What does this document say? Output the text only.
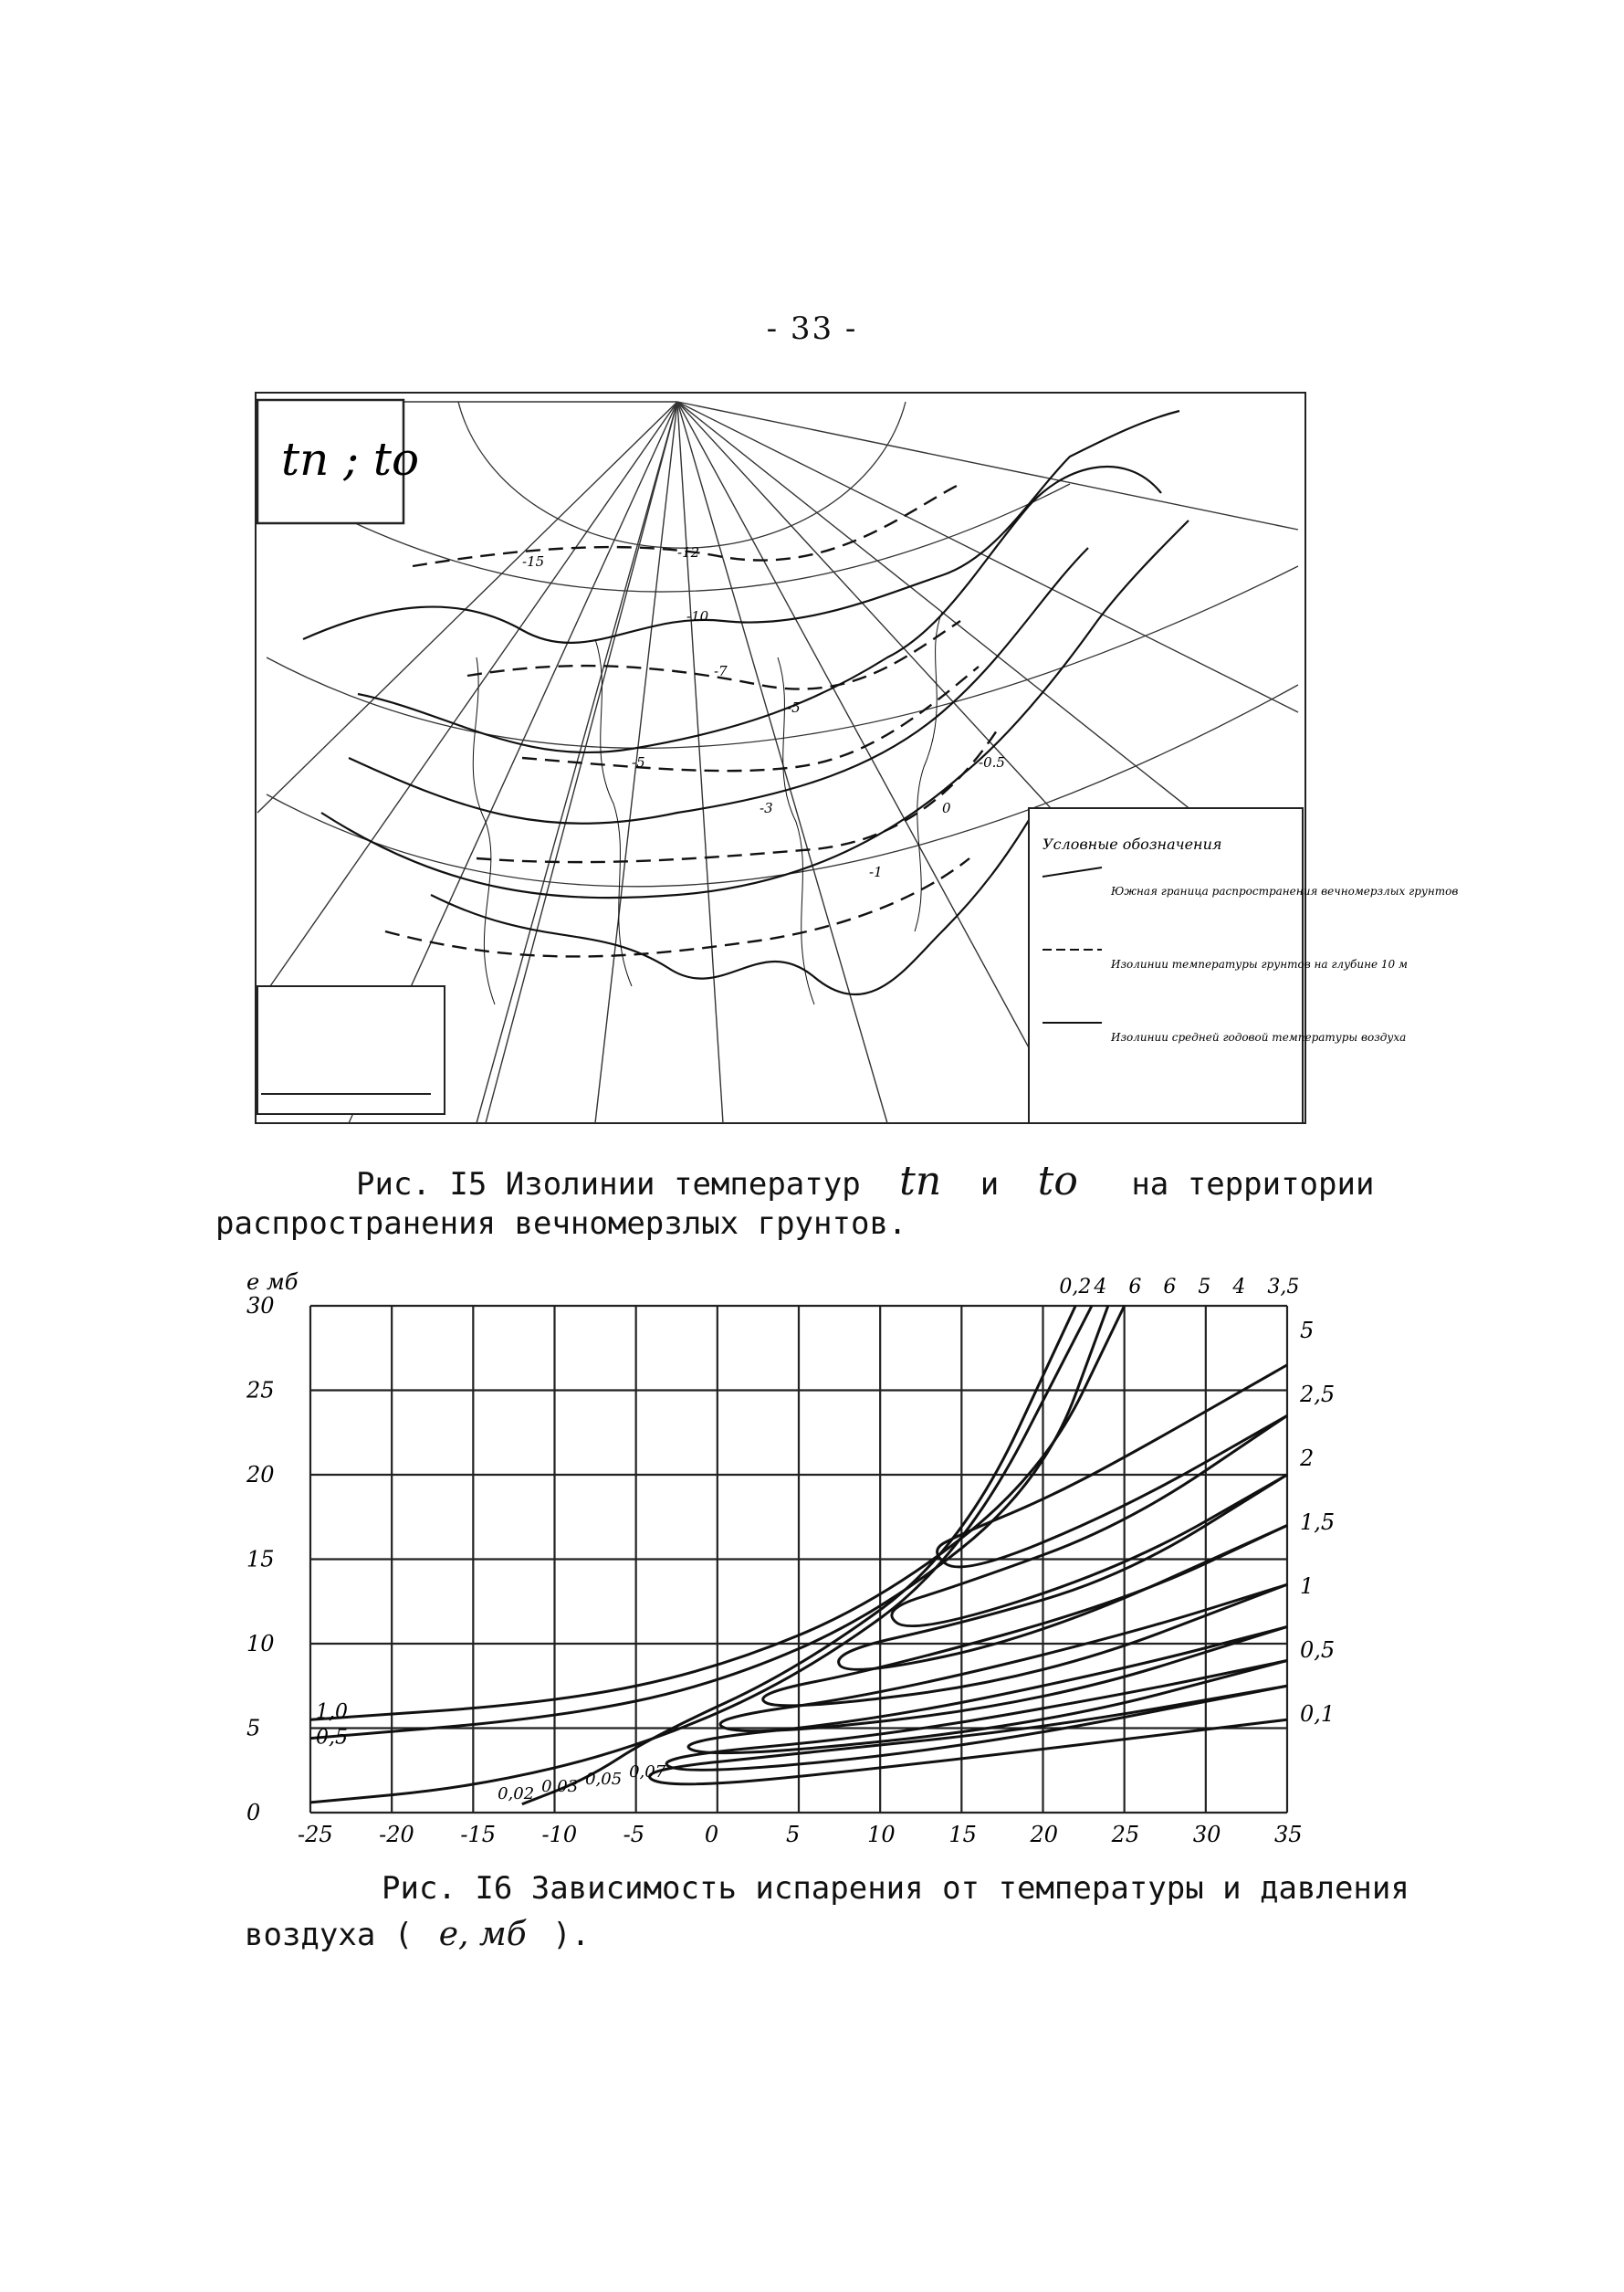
- 33 -
tп ; tо
Условные обозначения
Южная граница распространения вечномерзлых грунтов
Изолинии температуры грунтов на глубине 10 м
Изолинии средней годовой температуры воздуха
-15
-12
-10
-7
-5
-5
-3
-1
0
-0.5
Рис. I5 Изолинии температур tп и tо на территории
распространения вечномерзлых грунтов.
-25 -20 -15 -10 -5	0	5	10 15 20 25 30 35
0
5
10
15
20
25
30
e мб
5
2,5
2
1,5
1
0,5
0,1
0,2 4 6 6 5 4 3,5
1,0
0,5
0,02 0,03 0,05 0,07
Рис. I6 Зависимость испарения от температуры и давления
воздуха ( e, мб ).
